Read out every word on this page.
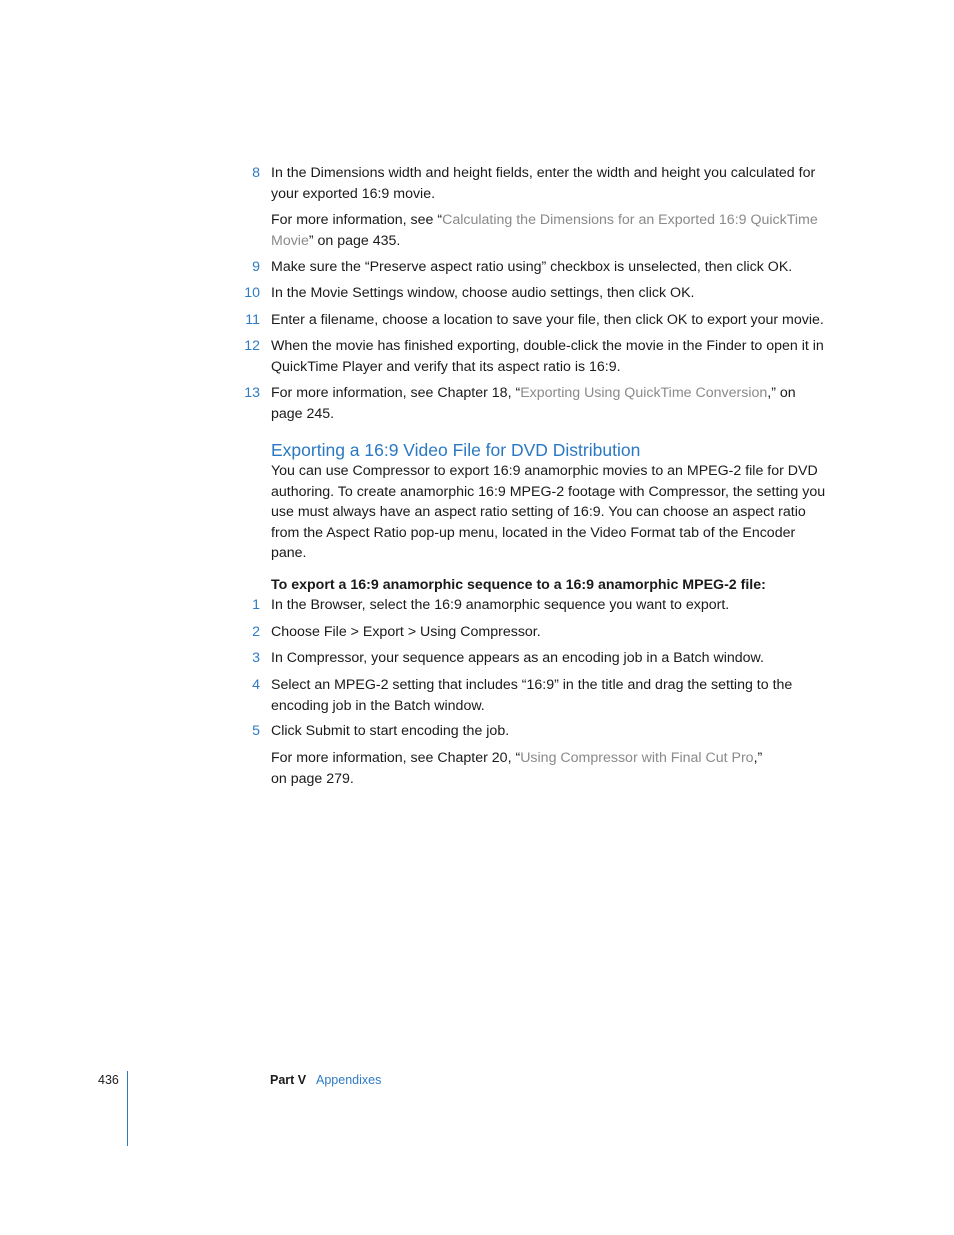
8 In the Dimensions width and height fields, enter the width and height you calculated for your exported 16:9 movie.
For more information, see “Calculating the Dimensions for an Exported 16:9 QuickTime Movie” on page 435.
9 Make sure the “Preserve aspect ratio using” checkbox is unselected, then click OK.
10 In the Movie Settings window, choose audio settings, then click OK.
11 Enter a filename, choose a location to save your file, then click OK to export your movie.
12 When the movie has finished exporting, double-click the movie in the Finder to open it in QuickTime Player and verify that its aspect ratio is 16:9.
13 For more information, see Chapter 18, “Exporting Using QuickTime Conversion,” on page 245.
Exporting a 16:9 Video File for DVD Distribution
You can use Compressor to export 16:9 anamorphic movies to an MPEG-2 file for DVD authoring. To create anamorphic 16:9 MPEG-2 footage with Compressor, the setting you use must always have an aspect ratio setting of 16:9. You can choose an aspect ratio from the Aspect Ratio pop-up menu, located in the Video Format tab of the Encoder pane.
To export a 16:9 anamorphic sequence to a 16:9 anamorphic MPEG-2 file:
1 In the Browser, select the 16:9 anamorphic sequence you want to export.
2 Choose File > Export > Using Compressor.
3 In Compressor, your sequence appears as an encoding job in a Batch window.
4 Select an MPEG-2 setting that includes “16:9” in the title and drag the setting to the encoding job in the Batch window.
5 Click Submit to start encoding the job.
For more information, see Chapter 20, “Using Compressor with Final Cut Pro,” on page 279.
436	Part V Appendixes
